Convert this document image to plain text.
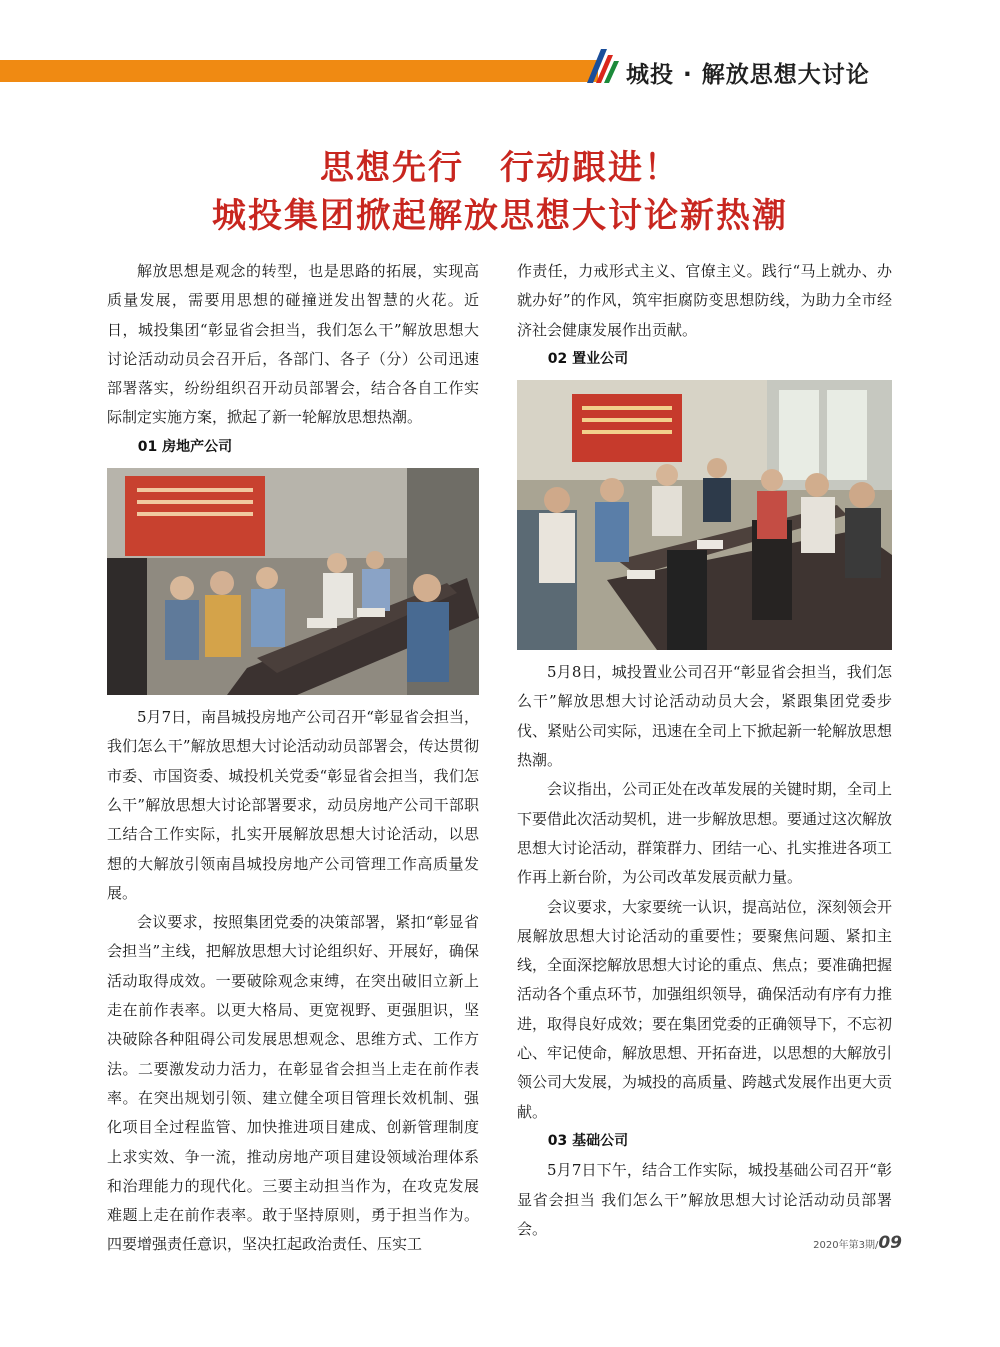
城投 · 解放思想大讨论
思想先行　行动跟进！
城投集团掀起解放思想大讨论新热潮

解放思想是观念的转型，也是思路的拓展，实现高质量发展，需要用思想的碰撞迸发出智慧的火花。近日，城投集团“彰显省会担当，我们怎么干”解放思想大讨论活动动员会召开后，各部门、各子（分）公司迅速部署落实，纷纷组织召开动员部署会，结合各自工作实际制定实施方案，掀起了新一轮解放思想热潮。

01 房地产公司

5月7日，南昌城投房地产公司召开“彰显省会担当，我们怎么干”解放思想大讨论活动动员部署会，传达贯彻市委、市国资委、城投机关党委“彰显省会担当，我们怎么干”解放思想大讨论部署要求，动员房地产公司干部职工结合工作实际，扎实开展解放思想大讨论活动，以思想的大解放引领南昌城投房地产公司管理工作高质量发展。

会议要求，按照集团党委的决策部署，紧扣“彰显省会担当”主线，把解放思想大讨论组织好、开展好，确保活动取得成效。一要破除观念束缚，在突出破旧立新上走在前作表率。以更大格局、更宽视野、更强胆识，坚决破除各种阻碍公司发展思想观念、思维方式、工作方法。二要激发动力活力，在彰显省会担当上走在前作表率。在突出规划引领、建立健全项目管理长效机制、强化项目全过程监管、加快推进项目建成、创新管理制度上求实效、争一流，推动房地产项目建设领域治理体系和治理能力的现代化。三要主动担当作为，在攻克发展难题上走在前作表率。敢于坚持原则，勇于担当作为。四要增强责任意识，坚决扛起政治责任、压实工

作责任，力戒形式主义、官僚主义。践行“马上就办、办就办好”的作风，筑牢拒腐防变思想防线，为助力全市经济社会健康发展作出贡献。

02 置业公司

5月8日，城投置业公司召开“彰显省会担当，我们怎么干”解放思想大讨论活动动员大会，紧跟集团党委步伐、紧贴公司实际，迅速在全司上下掀起新一轮解放思想热潮。

会议指出，公司正处在改革发展的关键时期，全司上下要借此次活动契机，进一步解放思想。要通过这次解放思想大讨论活动，群策群力、团结一心、扎实推进各项工作再上新台阶，为公司改革发展贡献力量。

会议要求，大家要统一认识，提高站位，深刻领会开展解放思想大讨论活动的重要性；要聚焦问题、紧扣主线，全面深挖解放思想大讨论的重点、焦点；要准确把握活动各个重点环节，加强组织领导，确保活动有序有力推进，取得良好成效；要在集团党委的正确领导下，不忘初心、牢记使命，解放思想、开拓奋进，以思想的大解放引领公司大发展，为城投的高质量、跨越式发展作出更大贡献。

03 基础公司

5月7日下午，结合工作实际，城投基础公司召开“彰显省会担当 我们怎么干”解放思想大讨论活动动员部署会。

2020年第3期/09
